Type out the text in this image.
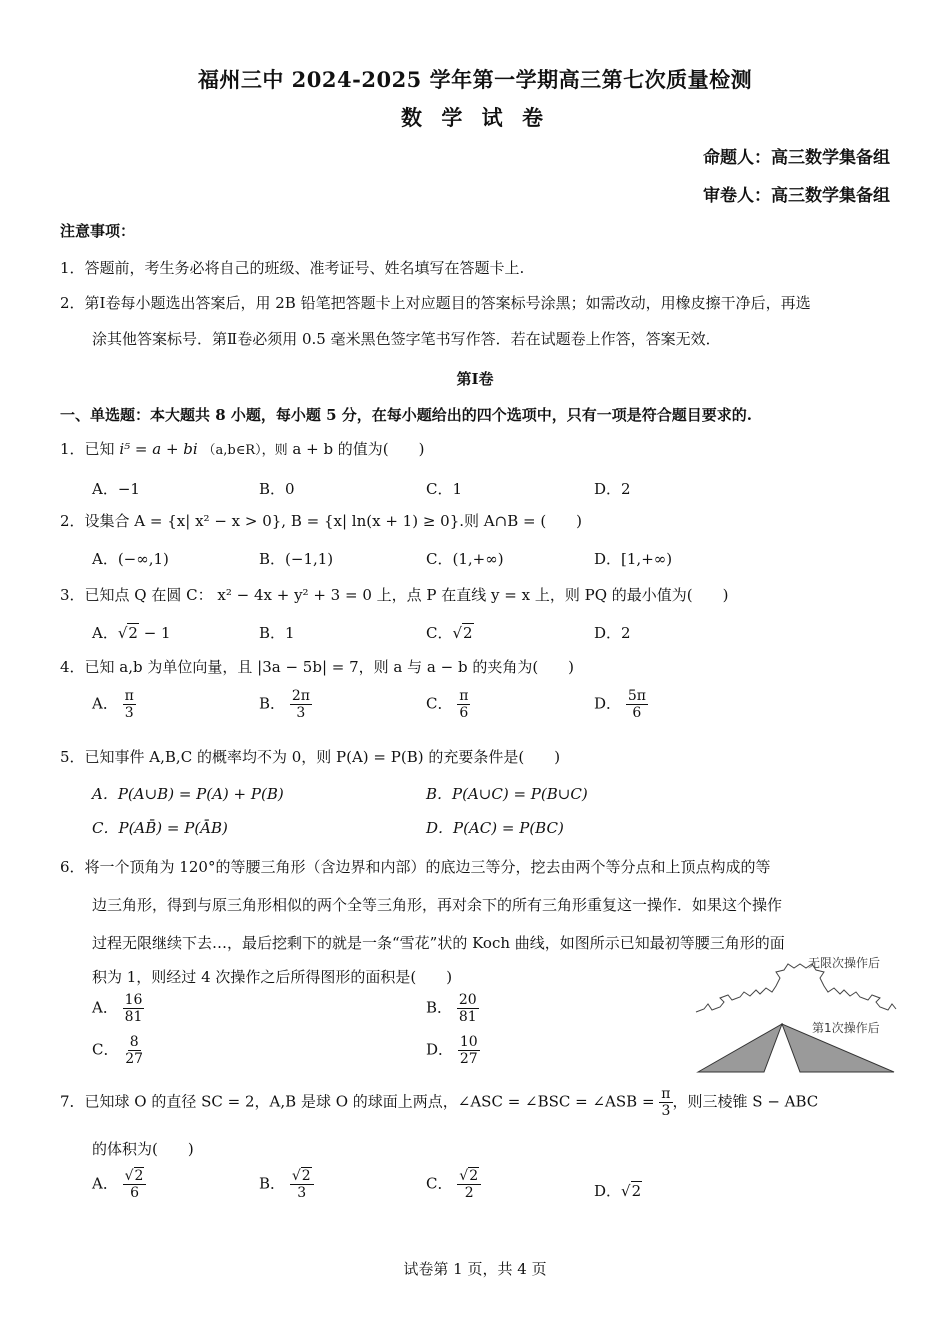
福州三中 2024-2025 学年第一学期高三第七次质量检测
数 学 试 卷
命题人：高三数学集备组
审卷人：高三数学集备组
注意事项：
1．答题前，考生务必将自己的班级、准考证号、姓名填写在答题卡上.
2．第Ⅰ卷每小题选出答案后，用 2B 铅笔把答题卡上对应题目的答案标号涂黑；如需改动，用橡皮擦干净后，再选
涂其他答案标号．第Ⅱ卷必须用 0.5 毫米黑色签字笔书写作答．若在试题卷上作答，答案无效．
第Ⅰ卷
一、单选题：本大题共 8 小题，每小题 5 分，在每小题给出的四个选项中，只有一项是符合题目要求的.
1．已知 i⁵ = a + bi （a,b∈R），则 a + b 的值为(　　)
A．−1	B．0	C．1	D．2
2．设集合 A = {x| x² − x > 0}, B = {x| ln(x + 1) ≥ 0}.则 A∩B = (　　)
A．(−∞,1)	B．(−1,1)	C．(1,+∞)	D．[1,+∞)
3．已知点 Q 在圆 C： x² − 4x + y² + 3 = 0 上，点 P 在直线 y = x 上，则 PQ 的最小值为(　　)
A．√2 − 1	B．1	C．√2	D．2
4．已知 a,b 为单位向量，且 |3a − 5b| = 7，则 a 与 a − b 的夹角为(　　)
A． $\frac{\pi}{3}$	B． $\frac{2\pi}{3}$	C． $\frac{\pi}{6}$	D． $\frac{5\pi}{6}$
5．已知事件 A,B,C 的概率均不为 0，则 P(A) = P(B) 的充要条件是(　　)
A．P(A∪B) = P(A) + P(B)	B．P(A∪C) = P(B∪C)
C．P(AB̄) = P(ĀB)	D．P(AC) = P(BC)
6．将一个顶角为 120°的等腰三角形（含边界和内部）的底边三等分，挖去由两个等分点和上顶点构成的等
边三角形，得到与原三角形相似的两个全等三角形，再对余下的所有三角形重复这一操作．如果这个操作
过程无限继续下去…，最后挖剩下的就是一条“雪花”状的 Koch 曲线，如图所示已知最初等腰三角形的面
积为 1，则经过 4 次操作之后所得图形的面积是(　　)
A． $\frac{16}{81}$	B． $\frac{20}{81}$
C． $\frac{8}{27}$	D． $\frac{10}{27}$
无限次操作后
第1次操作后
7．已知球 O 的直径 SC = 2，A,B 是球 O 的球面上两点，∠ASC = ∠BSC = ∠ASB = $\frac{\pi}{3}$ ，则三棱锥 S − ABC
的体积为(　　)
A． $\frac{√2}{6}$	B． $\frac{√2}{3}$	C． $\frac{√2}{2}$	D．√2
试卷第 1 页，共 4 页
